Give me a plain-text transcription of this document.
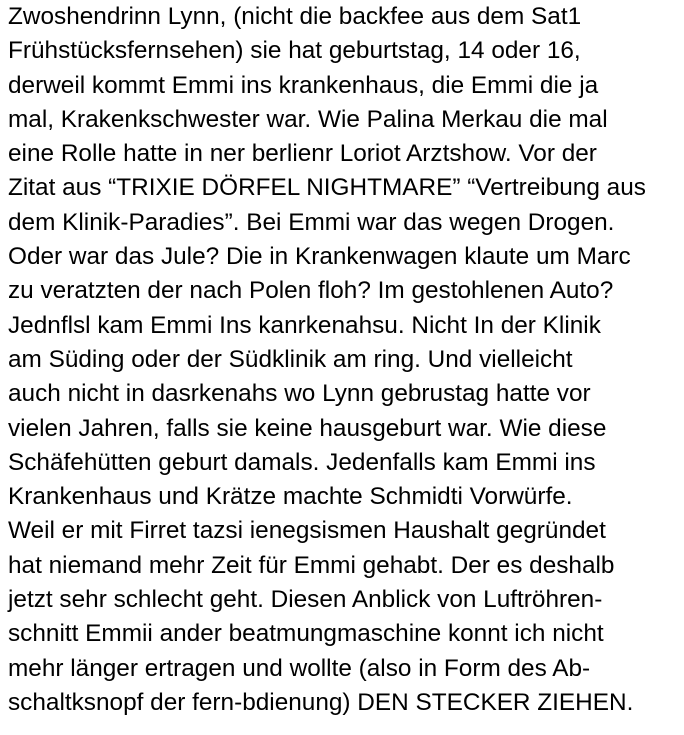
Zwoshendrinn Lynn, (nicht die backfee aus dem Sat1
Frühstücksfernsehen) sie hat geburtstag, 14 oder 16,
derweil kommt Emmi ins krankenhaus, die Emmi die ja
mal, Krakenkschwester war. Wie Palina Merkau die mal
eine Rolle hatte in ner berlienr Loriot Arztshow. Vor der
Zitat aus “TRIXIE DÖRFEL NIGHTMARE” “Vertreibung aus
dem Klinik-Paradies”. Bei Emmi war das wegen Drogen.
Oder war das Jule? Die in Krankenwagen klaute um Marc
zu veratzten der nach Polen floh? Im gestohlenen Auto?
Jednflsl kam Emmi Ins kanrkenahsu. Nicht In der Klinik
am Süding oder der Südklinik am ring. Und vielleicht
auch nicht in dasrkenahs wo Lynn gebrustag hatte vor
vielen Jahren, falls sie keine hausgeburt war. Wie diese
Schäfehütten geburt damals. Jedenfalls kam Emmi ins
Krankenhaus und Krätze machte Schmidti Vorwürfe.
Weil er mit Firret tazsi ienegsismen Haushalt gegründet
hat niemand mehr Zeit für Emmi gehabt. Der es deshalb
jetzt sehr schlecht geht. Diesen Anblick von Luftröhren-
schnitt Emmii ander beatmungmaschine konnt ich nicht
mehr länger ertragen und wollte (also in Form des Ab-
schaltksnopf der fern-bdienung) DEN STECKER ZIEHEN.
